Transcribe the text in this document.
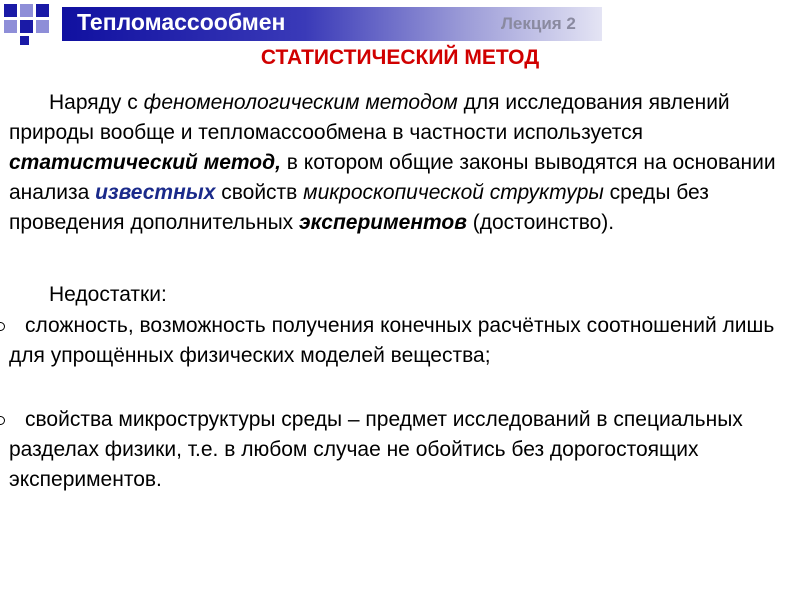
Тепломассообмен	Лекция 2
СТАТИСТИЧЕСКИЙ МЕТОД

Наряду с феноменологическим методом для исследования явлений природы вообще и тепломассообмена в частности используется статистический метод, в котором общие законы выводятся на основании анализа известных свойств микроскопической структуры среды без проведения дополнительных экспериментов (достоинство).

Недостатки:

сложность, возможность получения конечных расчётных соотношений лишь для упрощённых физических моделей вещества;
свойства микроструктуры среды – предмет исследований в специальных разделах физики, т.е. в любом случае не обойтись без дорогостоящих экспериментов.
